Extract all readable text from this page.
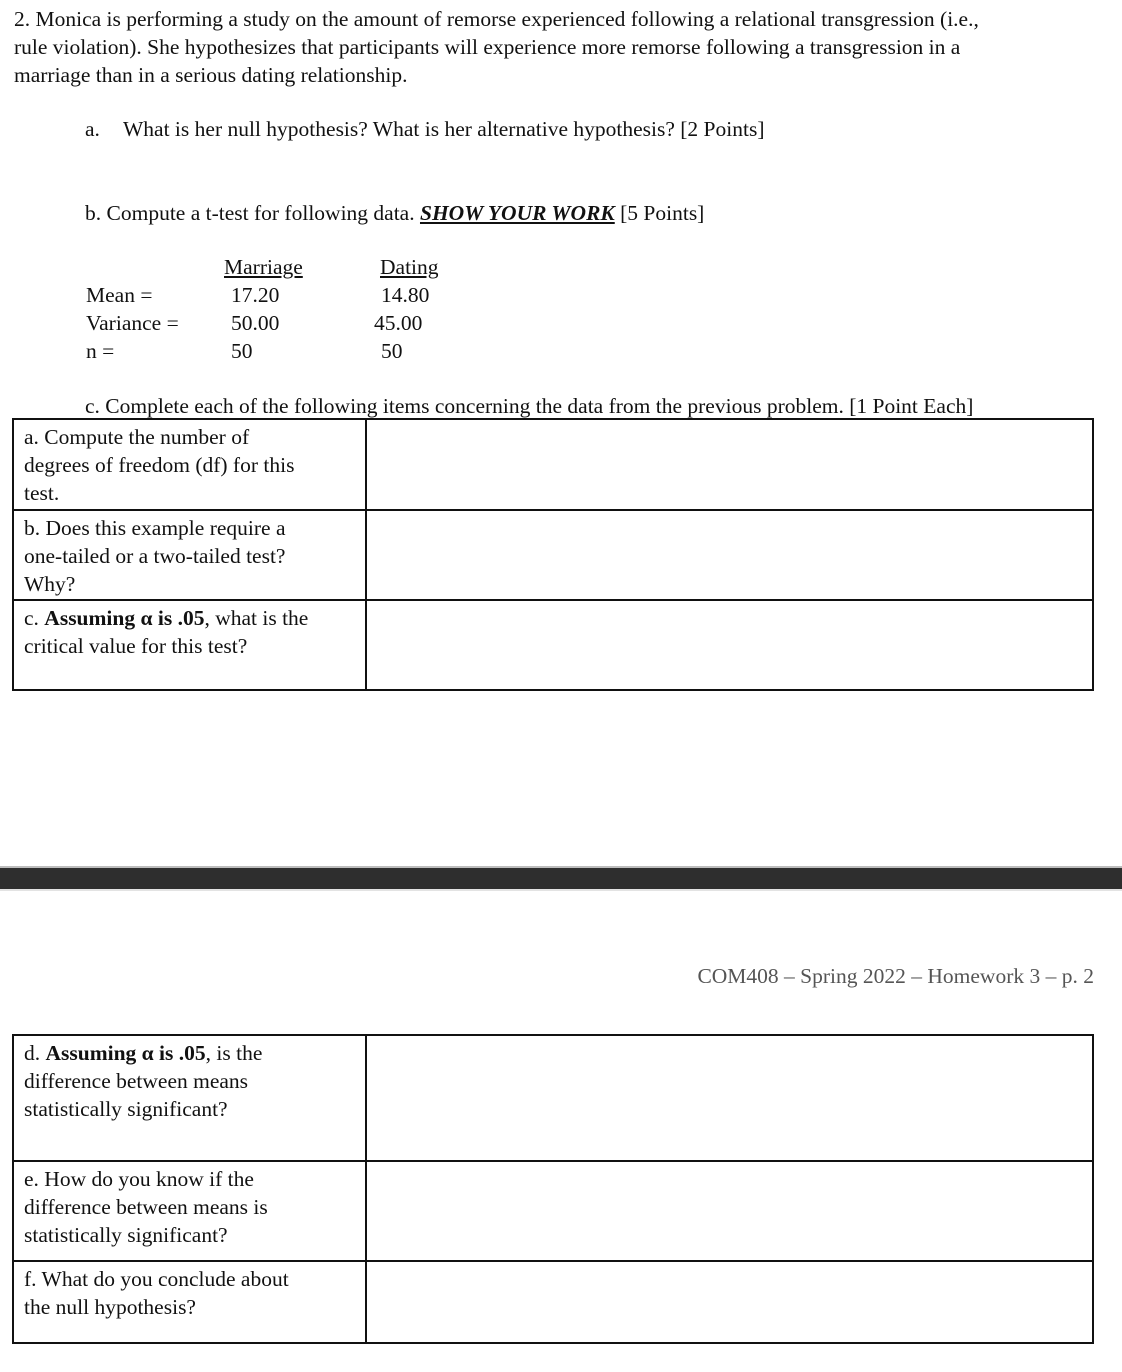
2. Monica is performing a study on the amount of remorse experienced following a relational transgression (i.e.,
rule violation). She hypothesizes that participants will experience more remorse following a transgression in a
marriage than in a serious dating relationship.
a. What is her null hypothesis? What is her alternative hypothesis? [2 Points]
b. Compute a t-test for following data. SHOW YOUR WORK [5 Points]
Marriage	Dating
Mean =	17.20	14.80
Variance = 50.00	45.00
n =	50	50
c. Complete each of the following items concerning the data from the previous problem. [1 Point Each]
a. Compute the number of
degrees of freedom (df) for this
test.	
b. Does this example require a
one-tailed or a two-tailed test?
Why?	
c. Assuming α is .05, what is the
critical value for this test?	
COM408 – Spring 2022 – Homework 3 – p. 2
d. Assuming α is .05, is the
difference between means
statistically significant?	
e. How do you know if the
difference between means is
statistically significant?	
f. What do you conclude about
the null hypothesis?	
